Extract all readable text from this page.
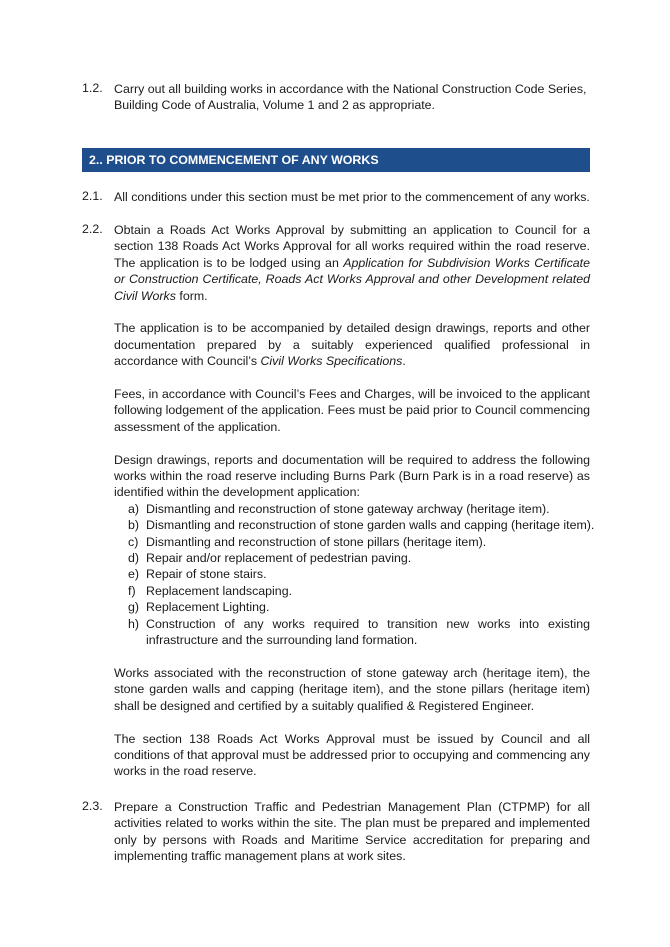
1.2. Carry out all building works in accordance with the National Construction Code Series,
Building Code of Australia, Volume 1 and 2 as appropriate.
2.. PRIOR TO COMMENCEMENT OF ANY WORKS
2.1. All conditions under this section must be met prior to the commencement of any works.

2.2. Obtain a Roads Act Works Approval by submitting an application to Council for a section 138 Roads Act Works Approval for all works required within the road reserve. The application is to be lodged using an Application for Subdivision Works Certificate or Construction Certificate, Roads Act Works Approval and other Development related Civil Works form.

The application is to be accompanied by detailed design drawings, reports and other documentation prepared by a suitably experienced qualified professional in accordance with Council’s Civil Works Specifications.

Fees, in accordance with Council’s Fees and Charges, will be invoiced to the applicant following lodgement of the application. Fees must be paid prior to Council commencing assessment of the application.

Design drawings, reports and documentation will be required to address the following works within the road reserve including Burns Park (Burn Park is in a road reserve) as identified within the development application:

a) Dismantling and reconstruction of stone gateway archway (heritage item).
b) Dismantling and reconstruction of stone garden walls and capping (heritage item).
c) Dismantling and reconstruction of stone pillars (heritage item).
d) Repair and/or replacement of pedestrian paving.
e) Repair of stone stairs.
f) Replacement landscaping.
g) Replacement Lighting.
h) Construction of any works required to transition new works into existing infrastructure and the surrounding land formation.

Works associated with the reconstruction of stone gateway arch (heritage item), the stone garden walls and capping (heritage item), and the stone pillars (heritage item) shall be designed and certified by a suitably qualified & Registered Engineer.

The section 138 Roads Act Works Approval must be issued by Council and all conditions of that approval must be addressed prior to occupying and commencing any works in the road reserve.

2.3. Prepare a Construction Traffic and Pedestrian Management Plan (CTPMP) for all activities related to works within the site. The plan must be prepared and implemented only by persons with Roads and Maritime Service accreditation for preparing and implementing traffic management plans at work sites.
